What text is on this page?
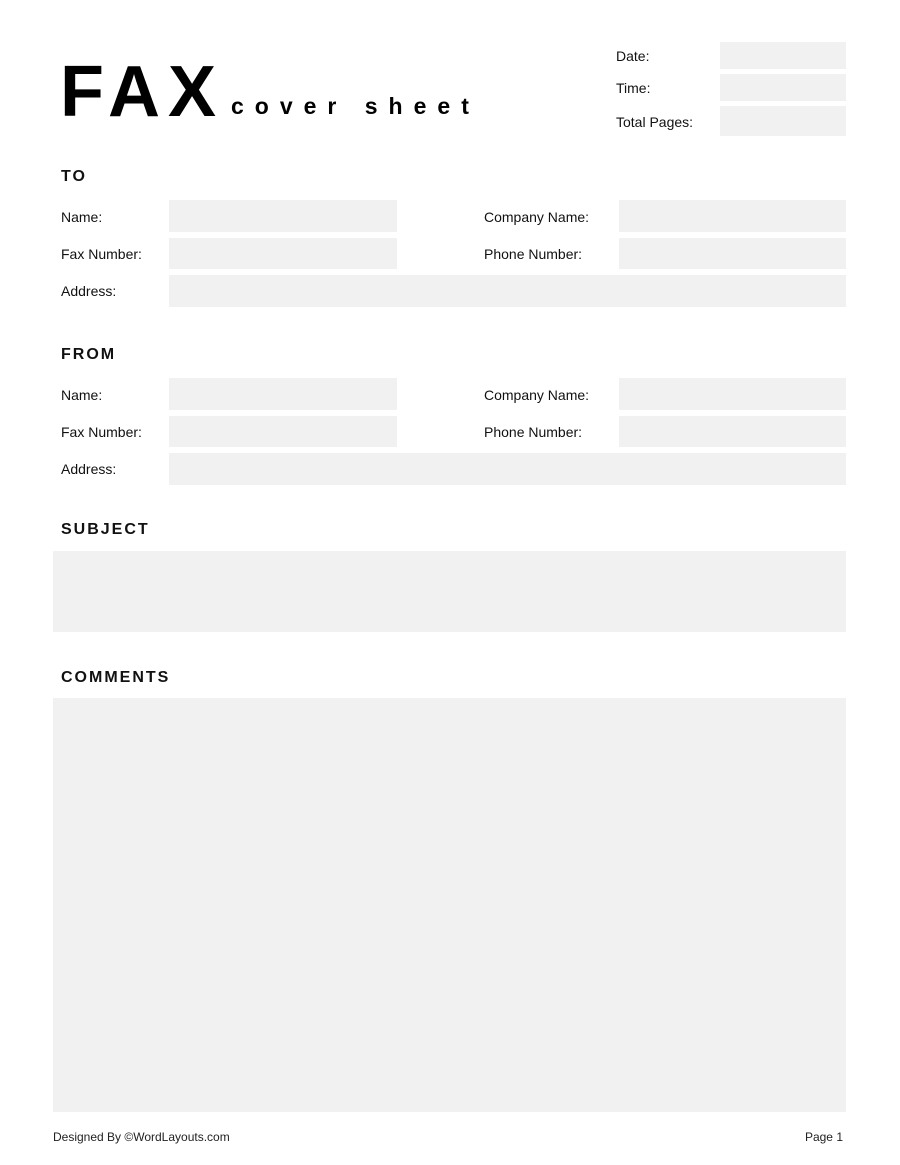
FAX cover sheet
Date:
Time:
Total Pages:
TO
Name:	Company Name:
Fax Number:	Phone Number:
Address:
FROM
Name:	Company Name:
Fax Number:	Phone Number:
Address:
SUBJECT
COMMENTS
Designed By ©WordLayouts.com	Page 1
